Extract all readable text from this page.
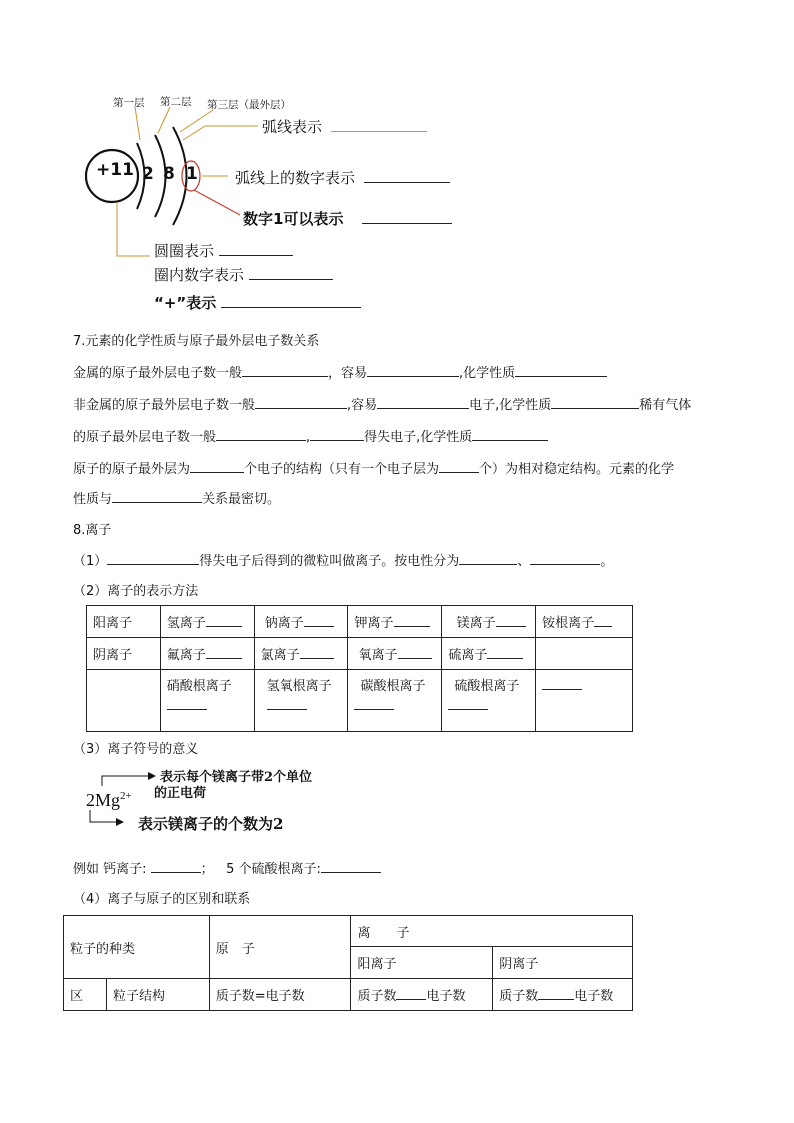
第一层 第二层 第三层（最外层）
+11 2 8 1
弧线表示
弧线上的数字表示
数字1可以表示
圆圈表示
圈内数字表示
“+”表示
7.元素的化学性质与原子最外层电子数关系
金属的原子最外层电子数一般	，容易	,化学性质
非金属的原子最外层电子数一般	,容易	电子,化学性质	稀有气体
的原子最外层电子数一般	,	得失电子,化学性质
原子的原子最外层为	个电子的结构（只有一个电子层为	个）为相对稳定结构。元素的化学
性质与	关系最密切。
8.离子
（1）	得失电子后得到的微粒叫做离子。按电性分为	、	。
（2）离子的表示方法
阳离子	氢离子	钠离子	钾离子	镁离子	铵根离子
阴离子	氟离子	氯离子	氧离子	硫离子	

	硝酸根离子	氢氧根离子	碳酸根离子	硫酸根离子	

（3）离子符号的意义
$2Mg^{2+}$
表示每个镁离子带2个单位
的正电荷
表示镁离子的个数为2
例如 钙离子:	； 5 个硫酸根离子:
（4）离子与原子的区别和联系
粒子的种类		原　子	离　　子	
			阳离子	阴离子
区	粒子结构	质子数=电子数	质子数 电子数	质子数 电子数
